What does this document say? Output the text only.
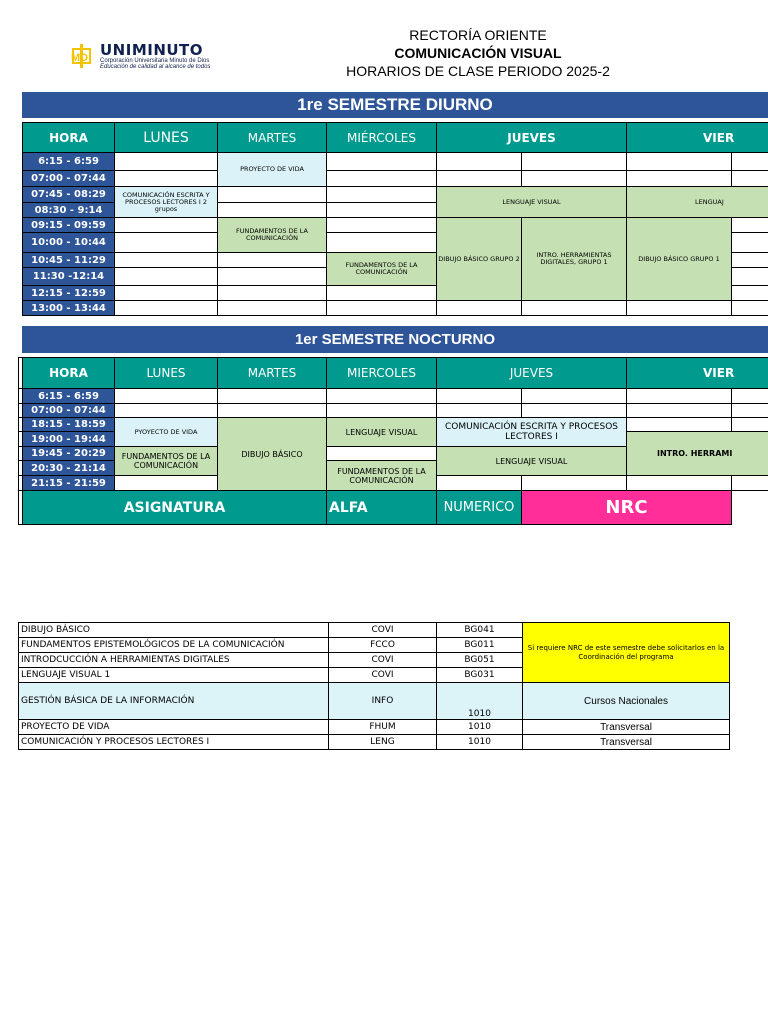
RECTORÍA ORIENTE
COMUNICACIÓN VISUAL
HORARIOS DE CLASE PERIODO 2025-2
MD UNIMINUTO
Corporación Universitaria Minuto de Dios
Educación de calidad al alcance de todos
1re SEMESTRE DIURNO
HORA	LUNES	MARTES	MIÉRCOLES	JUEVES		VIER	
6:15 - 6:59		PROYECTO DE VIDA					
07:00 - 07:44							
07:45 - 08:29	COMUNICACIÓN ESCRITA Y PROCESOS LECTORES I 2 grupos			LENGUAJE VISUAL		LENGUAJ	
08:30 - 9:14							
09:15 - 09:59		FUNDAMENTOS DE LA COMUNICACIÓN		DIBUJO BÁSICO GRUPO 2	INTRO. HERRAMIENTAS DIGITALES, GRUPO 1	DIBUJO BÁSICO GRUPO 1	
10:00 - 10:44							
10:45 - 11:29			FUNDAMENTOS DE LA COMUNICACIÓN				
11:30 -12:14							
12:15 - 12:59							
13:00 - 13:44							
1er SEMESTRE NOCTURNO
	HORA	LUNES	MARTES	MIERCOLES	JUEVES		VIER	
	6:15 - 6:59							
	07:00 - 07:44							
	18:15 - 18:59	PYOYECTO DE VIDA	DIBUJO BÁSICO	LENGUAJE VISUAL	COMUNICACIÓN ESCRITA Y PROCESOS LECTORES I			
	19:00 - 19:44						INTRO. HERRAMI	
	19:45 - 20:29	FUNDAMENTOS DE LA COMUNICACIÓN			LENGUAJE VISUAL			
	20:30 - 21:14			FUNDAMENTOS DE LA COMUNICACIÓN				
	21:15 - 21:59							
	ASIGNATURA			ALFA	NUMERICO	NRC		
DIBUJO BÁSICO	COVI	BG041	Si requiere NRC de este semestre debe solicitarlos en la Coordinación del programa
FUNDAMENTOS EPISTEMOLÓGICOS DE LA COMUNICACIÓN	FCCO	BG011	
INTRODCUCCIÓN A HERRAMIENTAS DIGITALES	COVI	BG051	
LENGUAJE VISUAL 1	COVI	BG031	
GESTIÓN BÁSICA DE LA INFORMACIÓN	INFO	1010	Cursos Nacionales
PROYECTO DE VIDA	FHUM	1010	Transversal
COMUNICACIÓN Y PROCESOS LECTORES I	LENG	1010	Transversal
